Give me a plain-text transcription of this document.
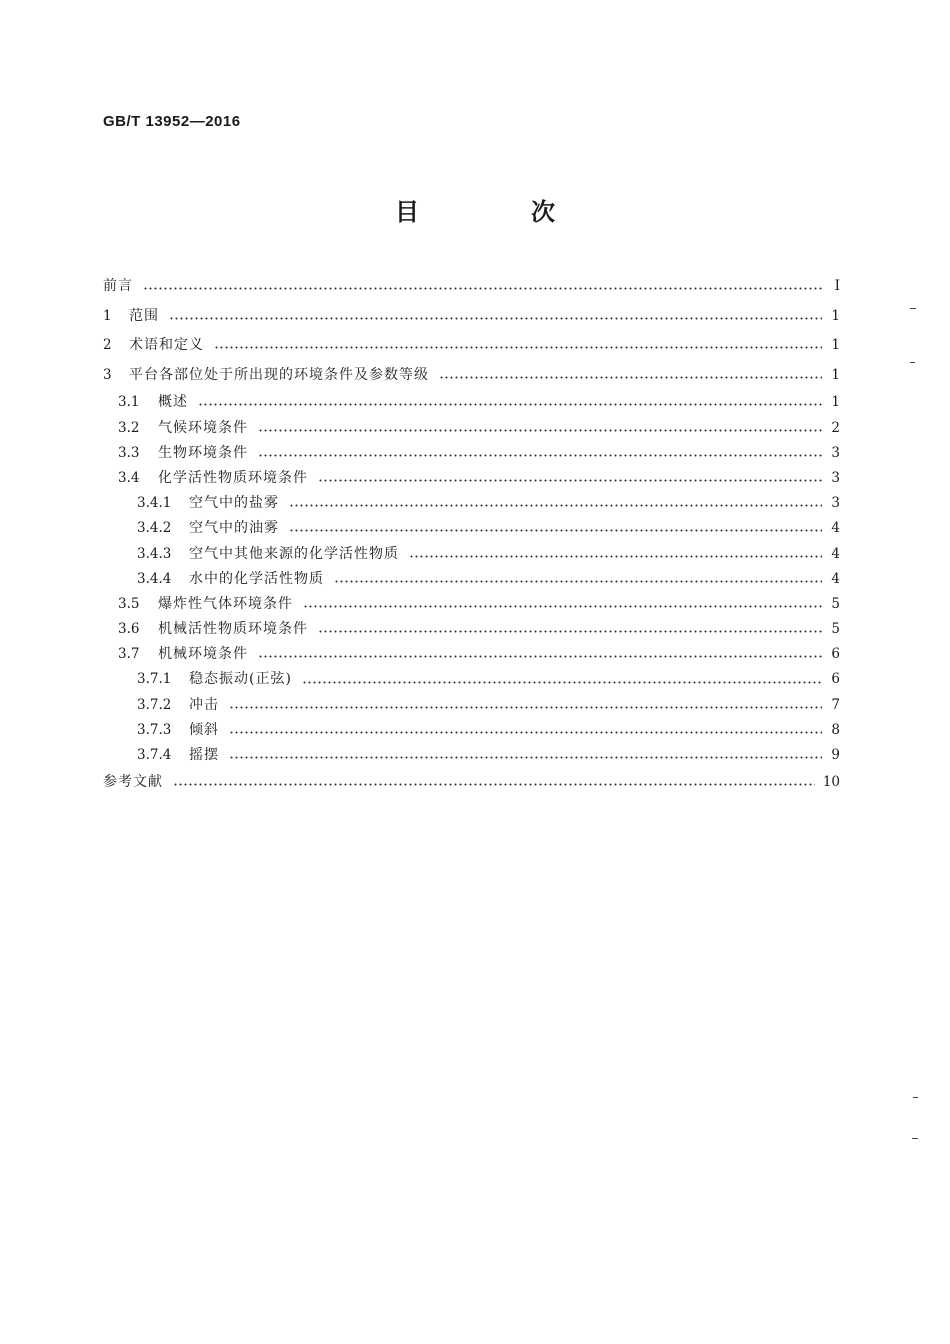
GB/T 13952—2016
目　次
前言	Ⅰ
1	范围	1
2	术语和定义	1
3	平台各部位处于所出现的环境条件及参数等级	1
3.1	概述	1
3.2	气候环境条件	2
3.3	生物环境条件	3
3.4	化学活性物质环境条件	3
3.4.1	空气中的盐雾	3
3.4.2	空气中的油雾	4
3.4.3	空气中其他来源的化学活性物质	4
3.4.4	水中的化学活性物质	4
3.5	爆炸性气体环境条件	5
3.6	机械活性物质环境条件	5
3.7	机械环境条件	6
3.7.1	稳态振动(正弦)	6
3.7.2	冲击	7
3.7.3	倾斜	8
3.7.4	摇摆	9
参考文献	10
